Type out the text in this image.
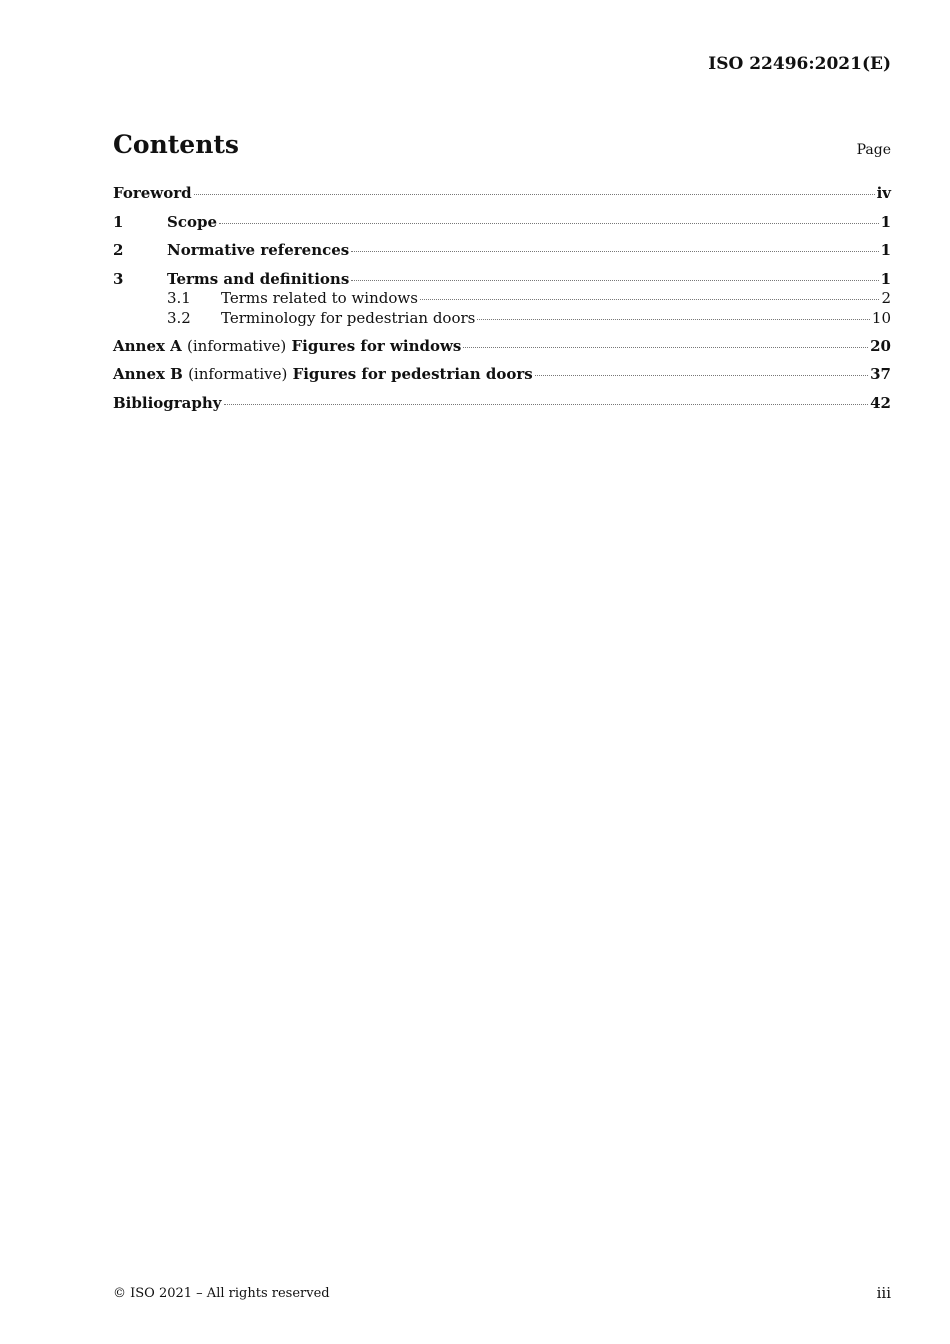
ISO 22496:2021(E)
Contents	Page
Foreword	iv
1	Scope	1
2	Normative references	1
3	Terms and definitions	1
3.1	Terms related to windows	2
3.2	Terminology for pedestrian doors	10
Annex A (informative) Figures for windows	20
Annex B (informative) Figures for pedestrian doors	37
Bibliography	42
© ISO 2021 – All rights reserved	iii
